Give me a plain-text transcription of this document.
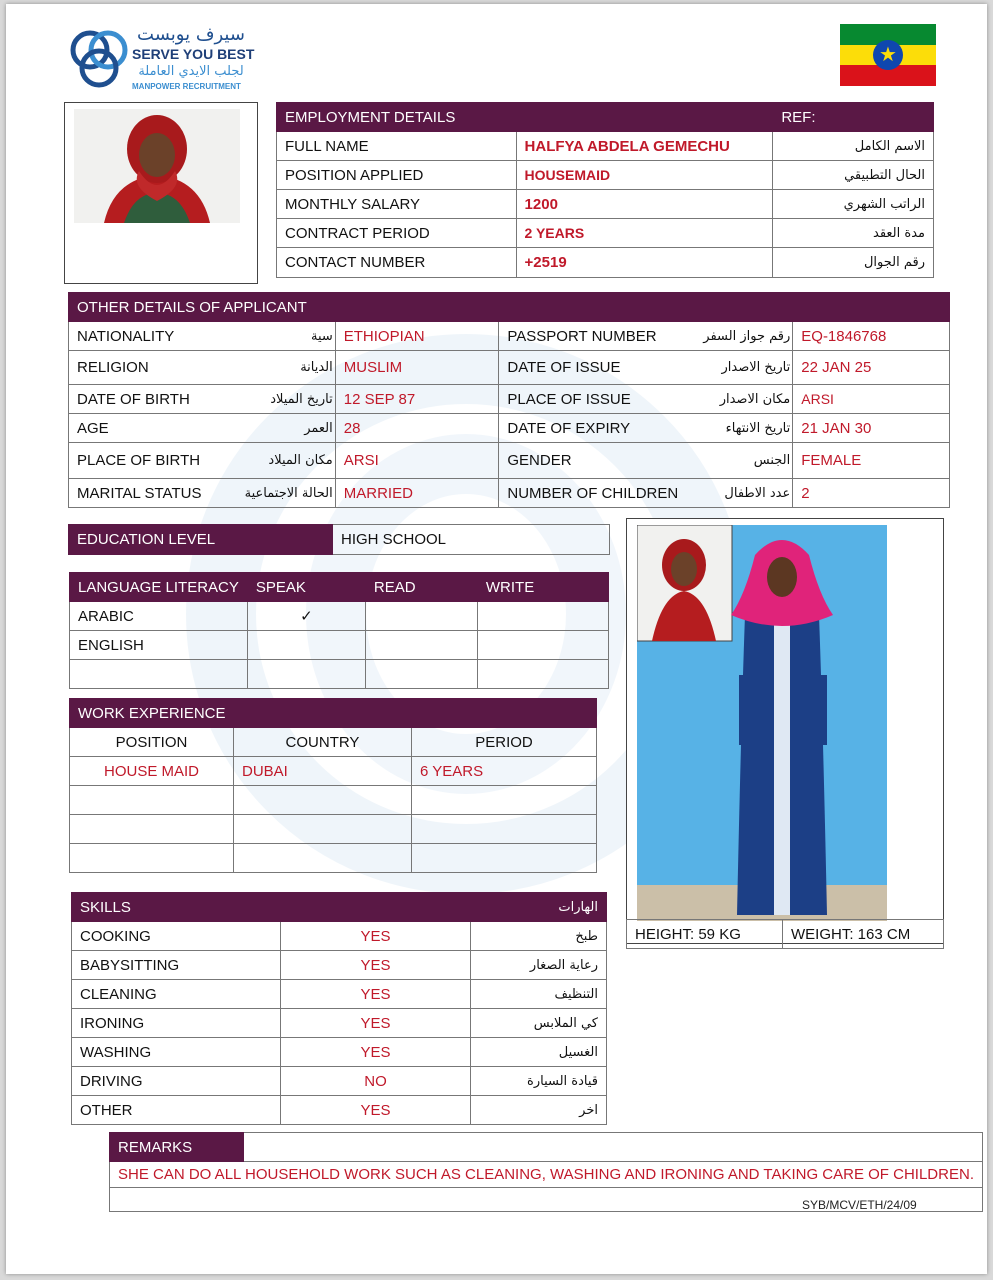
سيرف يوبست
SERVE YOU BEST
لجلب الايدي العاملة
MANPOWER RECRUITMENT
★
EMPLOYMENT DETAILS		REF:
FULL NAME	HALFYA ABDELA GEMECHU	الاسم الكامل
POSITION APPLIED	HOUSEMAID	الحال التطبيقي
MONTHLY SALARY	1200	الراتب الشهري
CONTRACT PERIOD	2 YEARS	مدة العقد
CONTACT NUMBER	+2519	رقم الجوال
OTHER DETAILS OF APPLICANT					
NATIONALITY	سية	ETHIOPIAN	PASSPORT NUMBER	رقم جواز السفر	EQ-1846768
RELIGION	الديانة	MUSLIM	DATE OF ISSUE	تاريخ الاصدار	22 JAN 25
DATE OF BIRTH	تاريخ الميلاد	12 SEP 87	PLACE OF ISSUE	مكان الاصدار	ARSI
AGE	العمر	28	DATE OF EXPIRY	تاريخ الانتهاء	21 JAN 30
PLACE OF BIRTH	مكان الميلاد	ARSI	GENDER	الجنس	FEMALE
MARITAL STATUS	الحالة الاجتماعية	MARRIED	NUMBER OF CHILDREN	عدد الاطفال	2
EDUCATION LEVEL	HIGH SCHOOL
LANGUAGE LITERACY	SPEAK	READ	WRITE
ARABIC	✓		
ENGLISH			

WORK EXPERIENCE		
POSITION	COUNTRY	PERIOD
HOUSE MAID	DUBAI	6 YEARS

HEIGHT: 59 KG	WEIGHT: 163 CM
SKILLS		الهارات
COOKING	YES	طبخ
BABYSITTING	YES	رعاية الصغار
CLEANING	YES	التنظيف
IRONING	YES	كي الملابس
WASHING	YES	الغسيل
DRIVING	NO	قيادة السيارة
OTHER	YES	اخر
REMARKS	
SHE CAN DO ALL HOUSEHOLD WORK SUCH AS CLEANING, WASHING AND IRONING AND TAKING CARE OF CHILDREN.

SYB/MCV/ETH/24/09
